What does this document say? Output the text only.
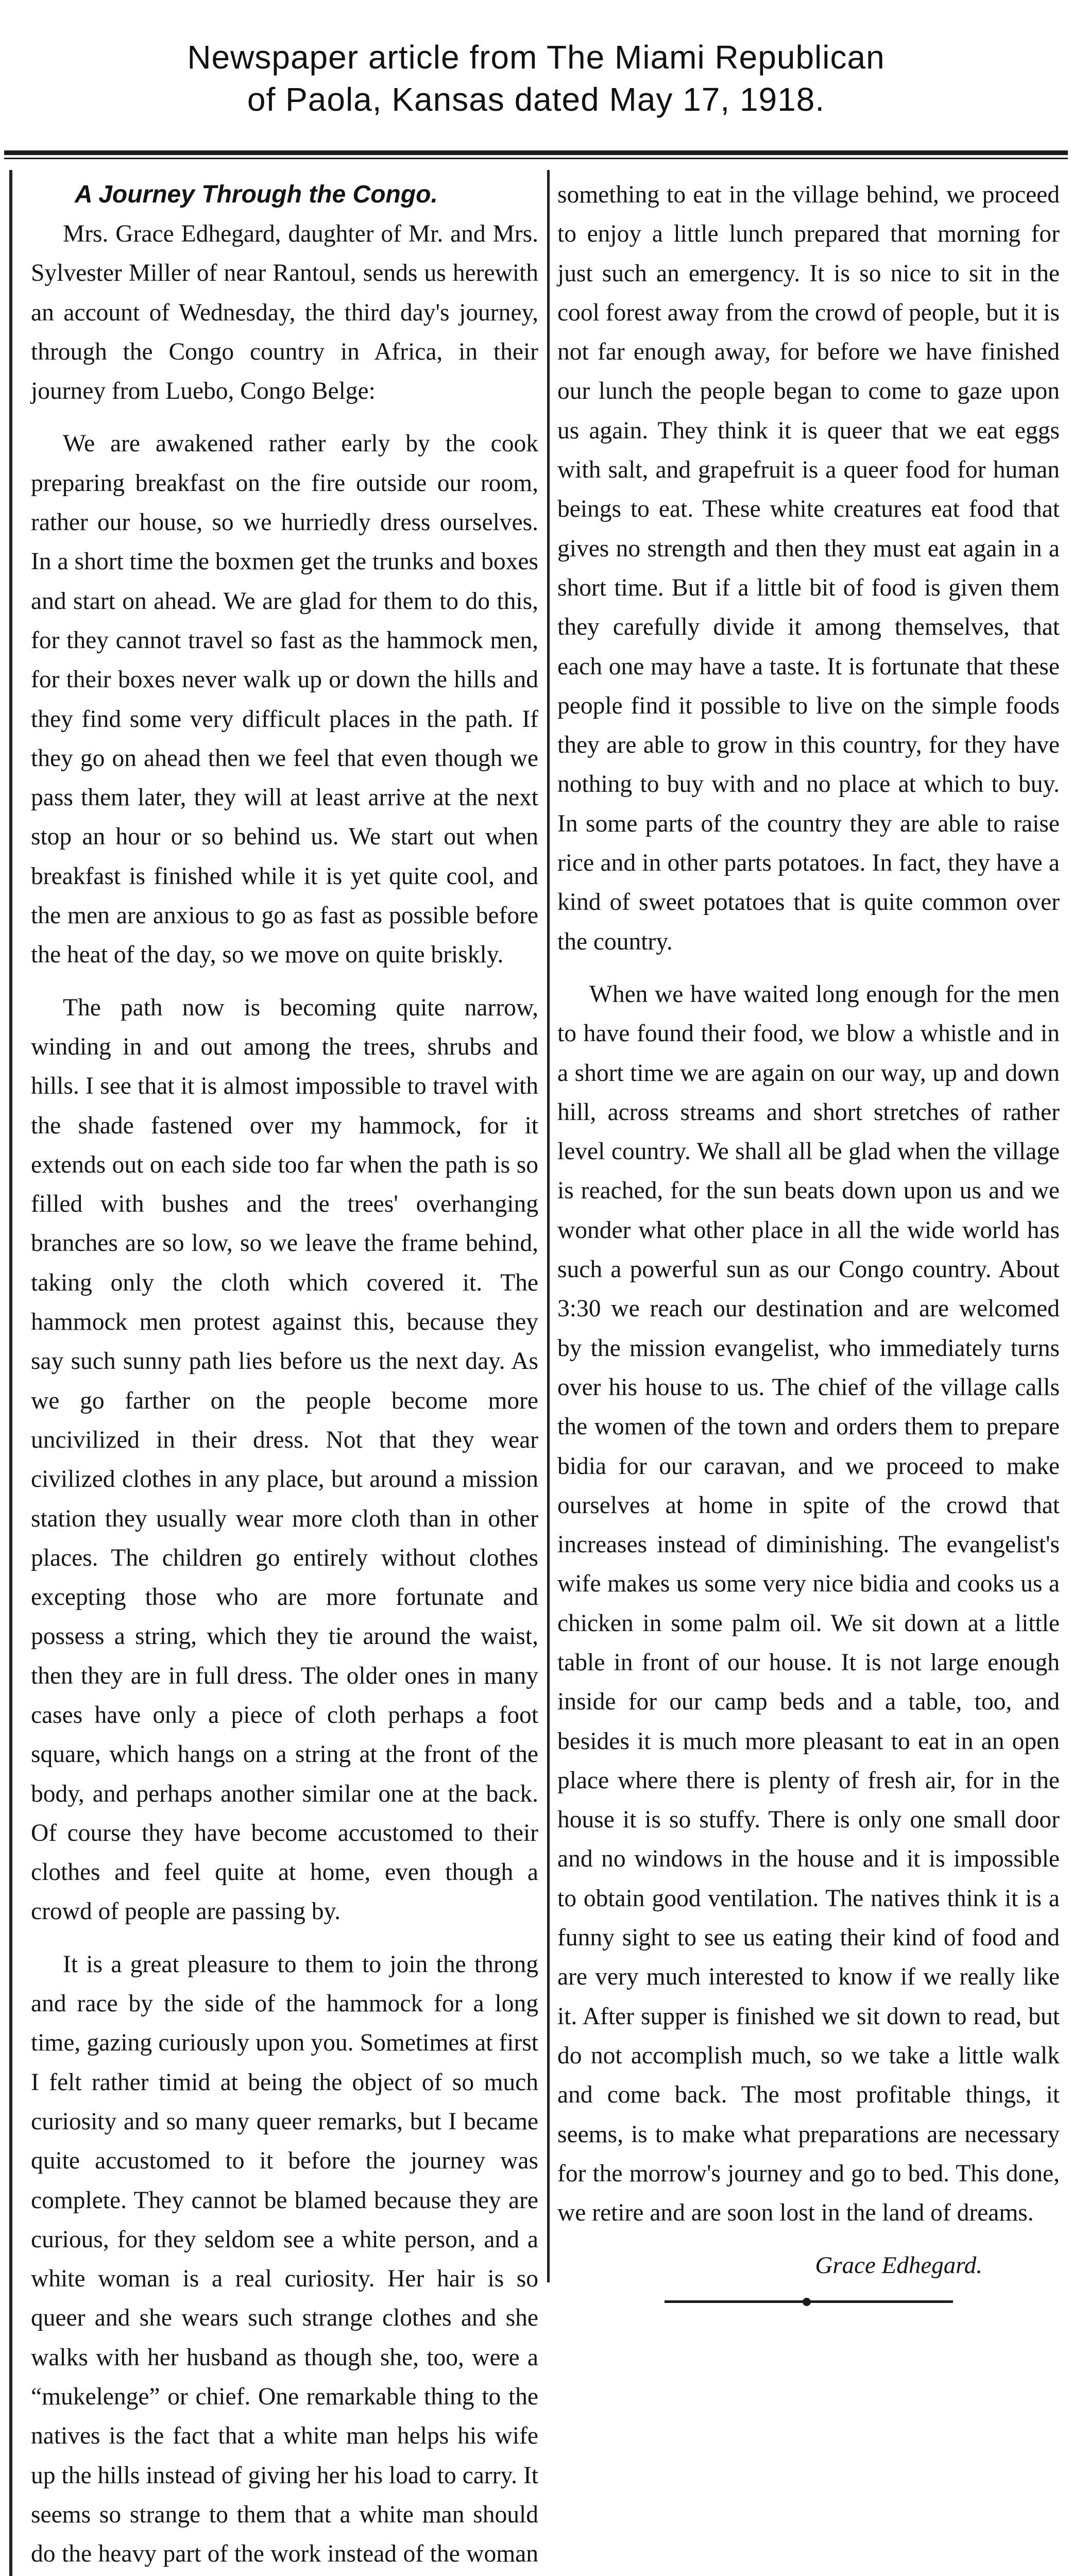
Newspaper article from The Miami Republican
of Paola, Kansas dated May 17, 1918.
A Journey Through the Congo.

Mrs. Grace Edhegard, daughter of Mr. and Mrs. Sylvester Miller of near Rantoul, sends us herewith an account of Wednesday, the third day's journey, through the Congo country in Africa, in their journey from Luebo, Congo Belge:

We are awakened rather early by the cook preparing breakfast on the fire outside our room, rather our house, so we hurriedly dress ourselves. In a short time the boxmen get the trunks and boxes and start on ahead. We are glad for them to do this, for they cannot travel so fast as the hammock men, for their boxes never walk up or down the hills and they find some very difficult places in the path. If they go on ahead then we feel that even though we pass them later, they will at least arrive at the next stop an hour or so behind us. We start out when breakfast is finished while it is yet quite cool, and the men are anxious to go as fast as possible before the heat of the day, so we move on quite briskly.

The path now is becoming quite narrow, winding in and out among the trees, shrubs and hills. I see that it is almost impossible to travel with the shade fastened over my hammock, for it extends out on each side too far when the path is so filled with bushes and the trees' overhanging branches are so low, so we leave the frame behind, taking only the cloth which covered it. The hammock men protest against this, because they say such sunny path lies before us the next day. As we go farther on the people become more uncivilized in their dress. Not that they wear civilized clothes in any place, but around a mission station they usually wear more cloth than in other places. The children go entirely without clothes excepting those who are more fortunate and possess a string, which they tie around the waist, then they are in full dress. The older ones in many cases have only a piece of cloth perhaps a foot square, which hangs on a string at the front of the body, and perhaps another similar one at the back. Of course they have become accustomed to their clothes and feel quite at home, even though a crowd of people are passing by.

It is a great pleasure to them to join the throng and race by the side of the hammock for a long time, gazing curiously upon you. Sometimes at first I felt rather timid at being the object of so much curiosity and so many queer remarks, but I became quite accustomed to it before the journey was complete. They cannot be blamed because they are curious, for they seldom see a white person, and a white woman is a real curiosity. Her hair is so queer and she wears such strange clothes and she walks with her husband as though she, too, were a “mukelenge” or chief. One remarkable thing to the natives is the fact that a white man helps his wife up the hills instead of giving her his load to carry. It seems so strange to them that a white man should do the heavy part of the work instead of the woman

something to eat in the village behind, we proceed to enjoy a little lunch prepared that morning for just such an emergency. It is so nice to sit in the cool forest away from the crowd of people, but it is not far enough away, for before we have finished our lunch the people began to come to gaze upon us again. They think it is queer that we eat eggs with salt, and grapefruit is a queer food for human beings to eat. These white creatures eat food that gives no strength and then they must eat again in a short time. But if a little bit of food is given them they carefully divide it among themselves, that each one may have a taste. It is fortunate that these people find it possible to live on the simple foods they are able to grow in this country, for they have nothing to buy with and no place at which to buy. In some parts of the country they are able to raise rice and in other parts potatoes. In fact, they have a kind of sweet potatoes that is quite common over the country.

When we have waited long enough for the men to have found their food, we blow a whistle and in a short time we are again on our way, up and down hill, across streams and short stretches of rather level country. We shall all be glad when the village is reached, for the sun beats down upon us and we wonder what other place in all the wide world has such a powerful sun as our Congo country. About 3:30 we reach our destination and are welcomed by the mission evangelist, who immediately turns over his house to us. The chief of the village calls the women of the town and orders them to prepare bidia for our caravan, and we proceed to make ourselves at home in spite of the crowd that increases instead of diminishing. The evangelist's wife makes us some very nice bidia and cooks us a chicken in some palm oil. We sit down at a little table in front of our house. It is not large enough inside for our camp beds and a table, too, and besides it is much more pleasant to eat in an open place where there is plenty of fresh air, for in the house it is so stuffy. There is only one small door and no windows in the house and it is impossible to obtain good ventilation. The natives think it is a funny sight to see us eating their kind of food and are very much interested to know if we really like it. After supper is finished we sit down to read, but do not accomplish much, so we take a little walk and come back. The most profitable things, it seems, is to make what preparations are necessary for the morrow's journey and go to bed. This done, we retire and are soon lost in the land of dreams.

Grace Edhegard.
